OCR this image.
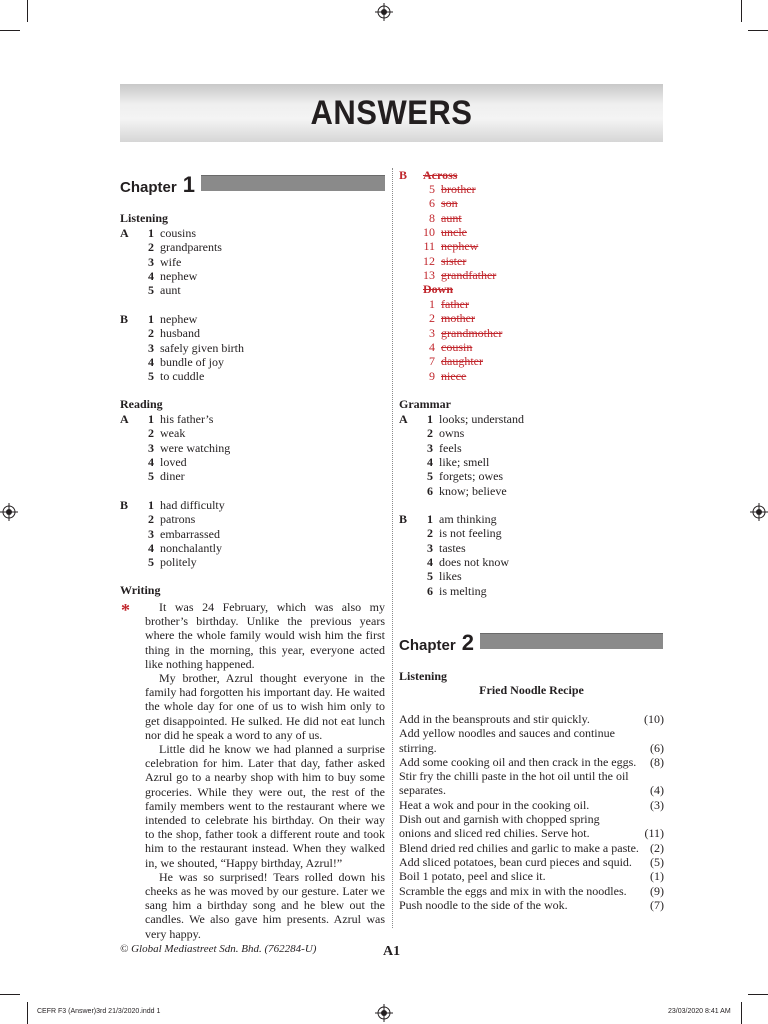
ANSWERS
Chapter 1
Listening
A 1 cousins
2 grandparents
3 wife
4 nephew
5 aunt
B 1 nephew
2 husband
3 safely given birth
4 bundle of joy
5 to cuddle
Reading
A 1 his father’s
2 weak
3 were watching
4 loved
5 diner
B 1 had difficulty
2 patrons
3 embarrassed
4 nonchalantly
5 politely
Writing
*	It was 24 February, which was also my brother’s birthday. Unlike the previous years where the whole family would wish him the first thing in the morning, this year, everyone acted like nothing happened.

My brother, Azrul thought everyone in the family had forgotten his important day. He waited the whole day for one of us to wish him only to get disappointed. He sulked. He did not eat lunch nor did he speak a word to any of us.

Little did he know we had planned a surprise celebration for him. Later that day, father asked Azrul go to a nearby shop with him to buy some groceries. While they were out, the rest of the family members went to the restaurant where we intended to celebrate his birthday. On their way to the shop, father took a different route and took him to the restaurant instead. When they walked in, we shouted, “Happy birthday, Azrul!”

He was so surprised! Tears rolled down his cheeks as he was moved by our gesture. Later we sang him a birthday song and he blew out the candles. We also gave him presents. Azrul was very happy.

B Across
5 brother
6 son
8 aunt
10 uncle
11 nephew
12 sister
13 grandfather
Down
1 father
2 mother
3 grandmother
4 cousin
7 daughter
9 niece
Grammar
A 1 looks; understand
2 owns
3 feels
4 like; smell
5 forgets; owes
6 know; believe
B 1 am thinking
2 is not feeling
3 tastes
4 does not know
5 likes
6 is melting
Chapter 2
Listening
Fried Noodle Recipe
Add in the beansprouts and stir quickly.	(10)
Add yellow noodles and sauces and continue
stirring.	(6)
Add some cooking oil and then crack in the eggs. (8)
Stir fry the chilli paste in the hot oil until the oil
separates.	(4)
Heat a wok and pour in the cooking oil.	(3)
Dish out and garnish with chopped spring
onions and sliced red chilies. Serve hot.	(11)
Blend dried red chilies and garlic to make a paste. (2)
Add sliced potatoes, bean curd pieces and squid. (5)
Boil 1 potato, peel and slice it.	(1)
Scramble the eggs and mix in with the noodles. (9)
Push noodle to the side of the wok.	(7)
© Global Mediastreet Sdn. Bhd. (762284-U)	A1
CEFR F3 (Answer)3rd 21/3/2020.indd 1	23/03/2020 8:41 AM
